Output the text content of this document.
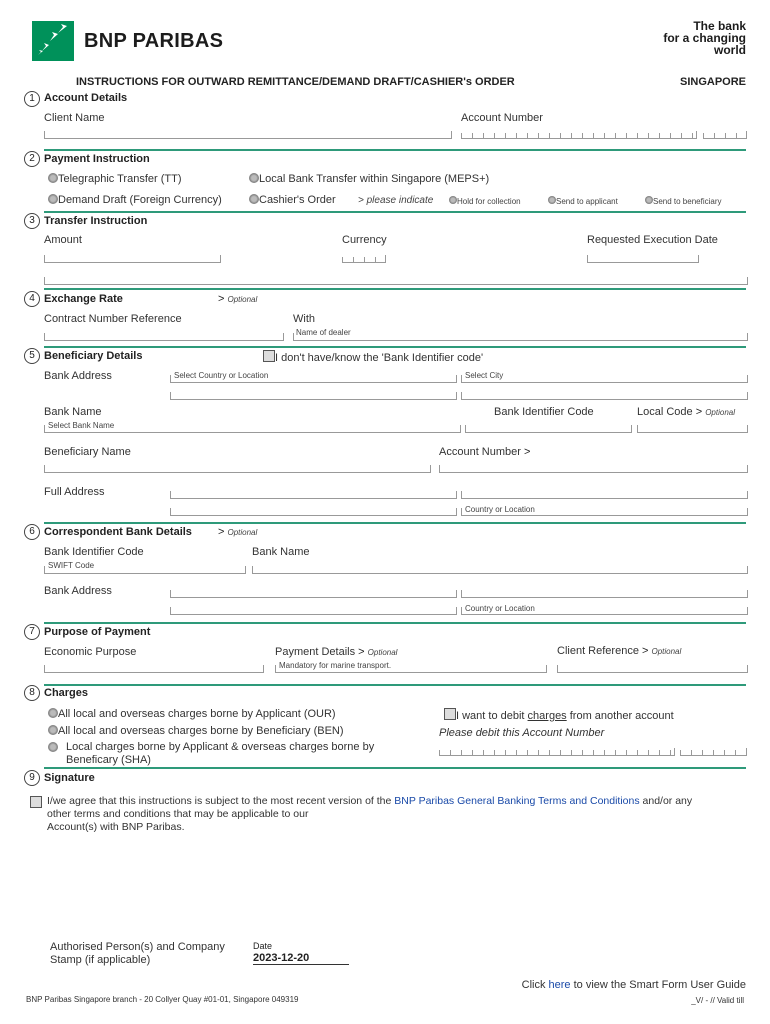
BNP PARIBAS
The bank
for a changing
world
INSTRUCTIONS FOR OUTWARD REMITTANCE/DEMAND DRAFT/CASHIER's ORDER	SINGAPORE
1 Account Details
Client Name	Account Number
2 Payment Instruction
Telegraphic Transfer (TT)	Local Bank Transfer within Singapore (MEPS+)
Demand Draft (Foreign Currency)	Cashier's Order > please indicate	Hold for collection	Send to applicant	Send to beneficiary
3 Transfer Instruction
Amount	Currency	Requested Execution Date
4 Exchange Rate	> Optional
Contract Number Reference	With
Name of dealer
5 Beneficiary Details	I don't have/know the 'Bank Identifier code'
Bank Address	Select Country or Location	Select City
Bank Name	Bank Identifier Code	Local Code > Optional
Select Bank Name
Beneficiary Name	Account Number >
Full Address
Country or Location
6 Correspondent Bank Details > Optional
Bank Identifier Code	Bank Name
SWIFT Code
Bank Address
Country or Location
7 Purpose of Payment
Economic Purpose	Payment Details > Optional	Client Reference > Optional
Mandatory for marine transport.
8 Charges
All local and overseas charges borne by Applicant (OUR)
All local and overseas charges borne by Beneficiary (BEN)
Local charges borne by Applicant & overseas charges borne by
Beneficary (SHA)
I want to debit charges from another account
Please debit this Account Number
9 Signature
I/we agree that this instructions is subject to the most recent version of the BNP Paribas General Banking Terms and Conditions and/or any
other terms and conditions that may be applicable to our
Account(s) with BNP Paribas.
Authorised Person(s) and Company
Stamp (if applicable)
Date
2023-12-20
Click here to view the Smart Form User Guide
BNP Paribas Singapore branch - 20 Collyer Quay #01-01, Singapore 049319	_V/ - // Valid till
